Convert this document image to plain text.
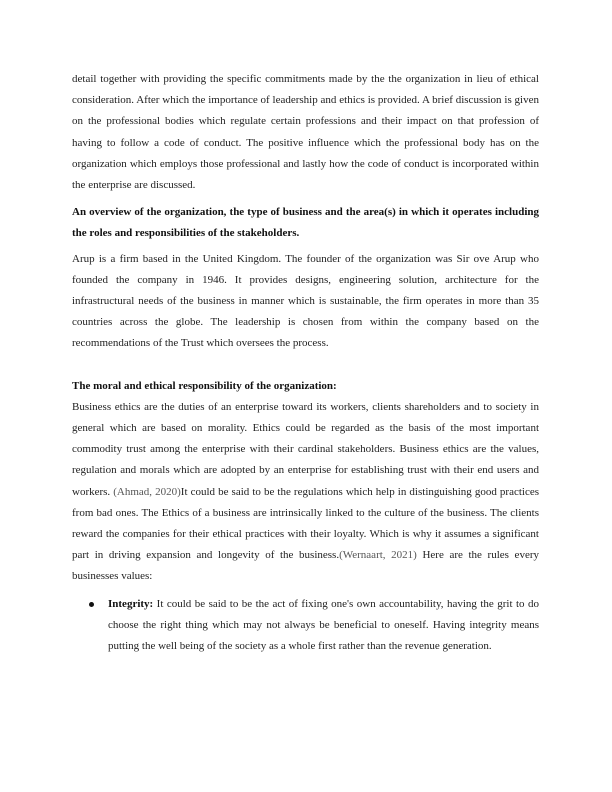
detail together with providing the specific commitments made by the the organization in lieu of ethical consideration. After which the importance of leadership and ethics is provided. A brief discussion is given on the professional bodies which regulate certain professions and their impact on that profession of having to follow a code of conduct. The positive influence which the professional body has on the organization which employs those professional and lastly how the code of conduct is incorporated within the enterprise are discussed.

An overview of the organization, the type of business and the area(s) in which it operates including the roles and responsibilities of the stakeholders.

Arup is a firm based in the United Kingdom. The founder of the organization was Sir ove Arup who founded the company in 1946. It provides designs, engineering solution, architecture for the infrastructural needs of the business in manner which is sustainable, the firm operates in more than 35 countries across the globe. The leadership is chosen from within the company based on the recommendations of the Trust which oversees the process.

The moral and ethical responsibility of the organization:

Business ethics are the duties of an enterprise toward its workers, clients shareholders and to society in general which are based on morality. Ethics could be regarded as the basis of the most important commodity trust among the enterprise with their cardinal stakeholders. Business ethics are the values, regulation and morals which are adopted by an enterprise for establishing trust with their end users and workers. (Ahmad, 2020)It could be said to be the regulations which help in distinguishing good practices from bad ones. The Ethics of a business are intrinsically linked to the culture of the business. The clients reward the companies for their ethical practices with their loyalty. Which is why it assumes a significant part in driving expansion and longevity of the business.(Wernaart, 2021) Here are the rules every businesses values:

Integrity: It could be said to be the act of fixing one's own accountability, having the grit to do choose the right thing which may not always be beneficial to oneself. Having integrity means putting the well being of the society as a whole first rather than the revenue generation.
